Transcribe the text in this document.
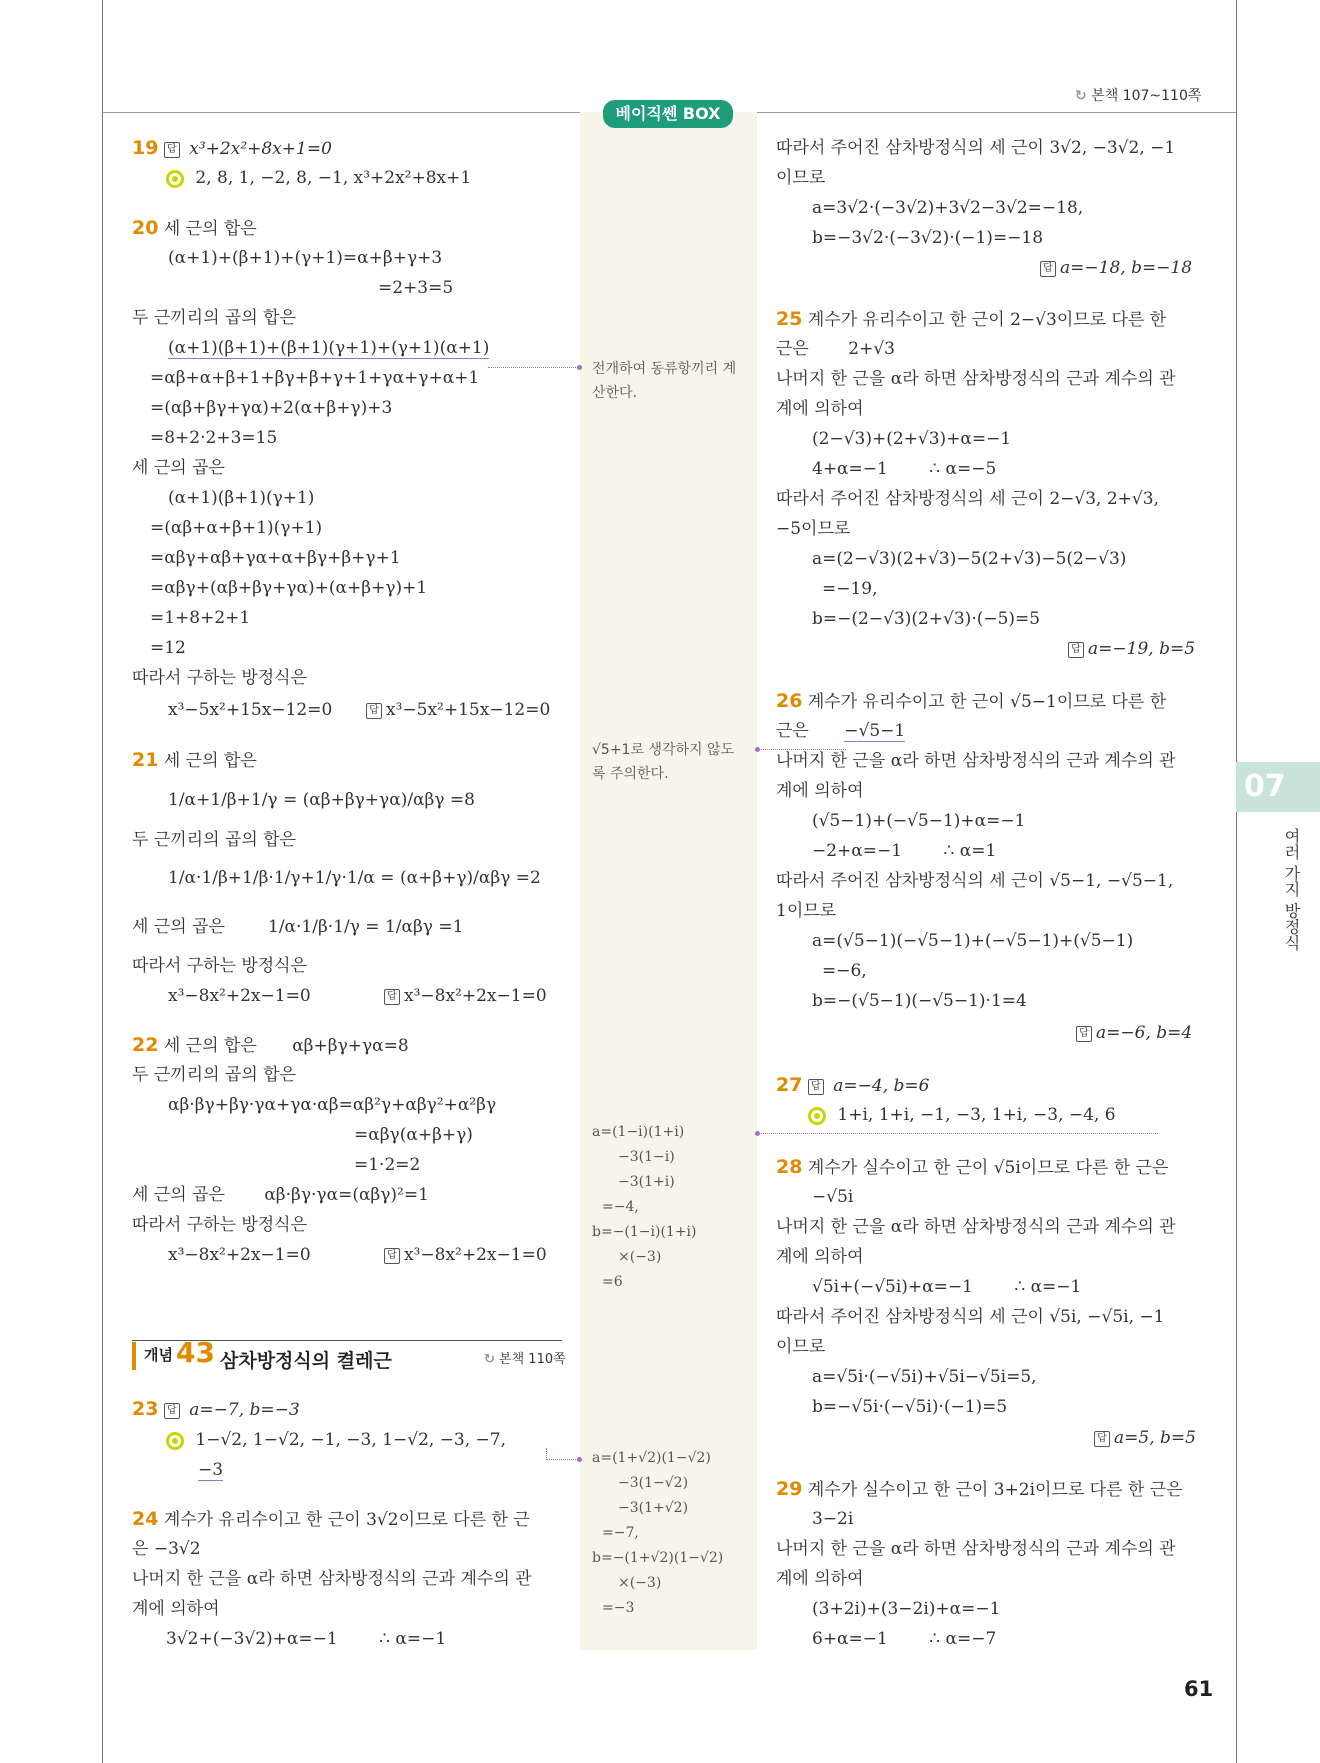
↻ 본책 107~110쪽
베이직쎈 BOX
07
여러 가지 방정식
61
19 답 x³+2x²+8x+1=0
2, 8, 1, −2, 8, −1, x³+2x²+8x+1
20 세 근의 합은
(α+1)+(β+1)+(γ+1)=α+β+γ+3
=2+3=5
두 근끼리의 곱의 합은
(α+1)(β+1)+(β+1)(γ+1)+(γ+1)(α+1)
=αβ+α+β+1+βγ+β+γ+1+γα+γ+α+1
=(αβ+βγ+γα)+2(α+β+γ)+3
=8+2·2+3=15
세 근의 곱은
(α+1)(β+1)(γ+1)
=(αβ+α+β+1)(γ+1)
=αβγ+αβ+γα+α+βγ+β+γ+1
=αβγ+(αβ+βγ+γα)+(α+β+γ)+1
=1+8+2+1
=12
따라서 구하는 방정식은
x³−5x²+15x−12=0	답 x³−5x²+15x−12=0
21 세 근의 합은
1/α+1/β+1/γ = (αβ+βγ+γα)/αβγ =8
두 근끼리의 곱의 합은
1/α·1/β+1/β·1/γ+1/γ·1/α = (α+β+γ)/αβγ =2
세 근의 곱은	1/α·1/β·1/γ = 1/αβγ =1
따라서 구하는 방정식은
x³−8x²+2x−1=0	답 x³−8x²+2x−1=0
22 세 근의 합은 αβ+βγ+γα=8
두 근끼리의 곱의 합은
αβ·βγ+βγ·γα+γα·αβ=αβ²γ+αβγ²+α²βγ
=αβγ(α+β+γ)
=1·2=2
세 근의 곱은 αβ·βγ·γα=(αβγ)²=1
따라서 구하는 방정식은
x³−8x²+2x−1=0	답 x³−8x²+2x−1=0
개념 43 삼차방정식의 켤레근	↻ 본책 110쪽
23 답 a=−7, b=−3
1−√2, 1−√2, −1, −3, 1−√2, −3, −7,
−3
24 계수가 유리수이고 한 근이 3√2이므로 다른 한 근
은 −3√2
나머지 한 근을 α라 하면 삼차방정식의 근과 계수의 관
계에 의하여
3√2+(−3√2)+α=−1 ∴ α=−1
전개하여 동류항끼리 계
산한다.
√5+1로 생각하지 않도
록 주의한다.
a=(1−i)(1+i)
−3(1−i)
−3(1+i)
=−4,
b=−(1−i)(1+i)
×(−3)
=6
a=(1+√2)(1−√2)
−3(1−√2)
−3(1+√2)
=−7,
b=−(1+√2)(1−√2)
×(−3)
=−3
따라서 주어진 삼차방정식의 세 근이 3√2, −3√2, −1
이므로
a=3√2·(−3√2)+3√2−3√2=−18,
b=−3√2·(−3√2)·(−1)=−18
답 a=−18, b=−18
25 계수가 유리수이고 한 근이 2−√3이므로 다른 한
근은 2+√3
나머지 한 근을 α라 하면 삼차방정식의 근과 계수의 관
계에 의하여
(2−√3)+(2+√3)+α=−1
4+α=−1 ∴ α=−5
따라서 주어진 삼차방정식의 세 근이 2−√3, 2+√3,
−5이므로
a=(2−√3)(2+√3)−5(2+√3)−5(2−√3)
=−19,
b=−(2−√3)(2+√3)·(−5)=5
답 a=−19, b=5
26 계수가 유리수이고 한 근이 √5−1이므로 다른 한
근은 −√5−1
나머지 한 근을 α라 하면 삼차방정식의 근과 계수의 관
계에 의하여
(√5−1)+(−√5−1)+α=−1
−2+α=−1 ∴ α=1
따라서 주어진 삼차방정식의 세 근이 √5−1, −√5−1,
1이므로
a=(√5−1)(−√5−1)+(−√5−1)+(√5−1)
=−6,
b=−(√5−1)(−√5−1)·1=4
답 a=−6, b=4
27 답 a=−4, b=6
1+i, 1+i, −1, −3, 1+i, −3, −4, 6
28 계수가 실수이고 한 근이 √5i이므로 다른 한 근은
−√5i
나머지 한 근을 α라 하면 삼차방정식의 근과 계수의 관
계에 의하여
√5i+(−√5i)+α=−1 ∴ α=−1
따라서 주어진 삼차방정식의 세 근이 √5i, −√5i, −1
이므로
a=√5i·(−√5i)+√5i−√5i=5,
b=−√5i·(−√5i)·(−1)=5
답 a=5, b=5
29 계수가 실수이고 한 근이 3+2i이므로 다른 한 근은
3−2i
나머지 한 근을 α라 하면 삼차방정식의 근과 계수의 관
계에 의하여
(3+2i)+(3−2i)+α=−1
6+α=−1 ∴ α=−7
